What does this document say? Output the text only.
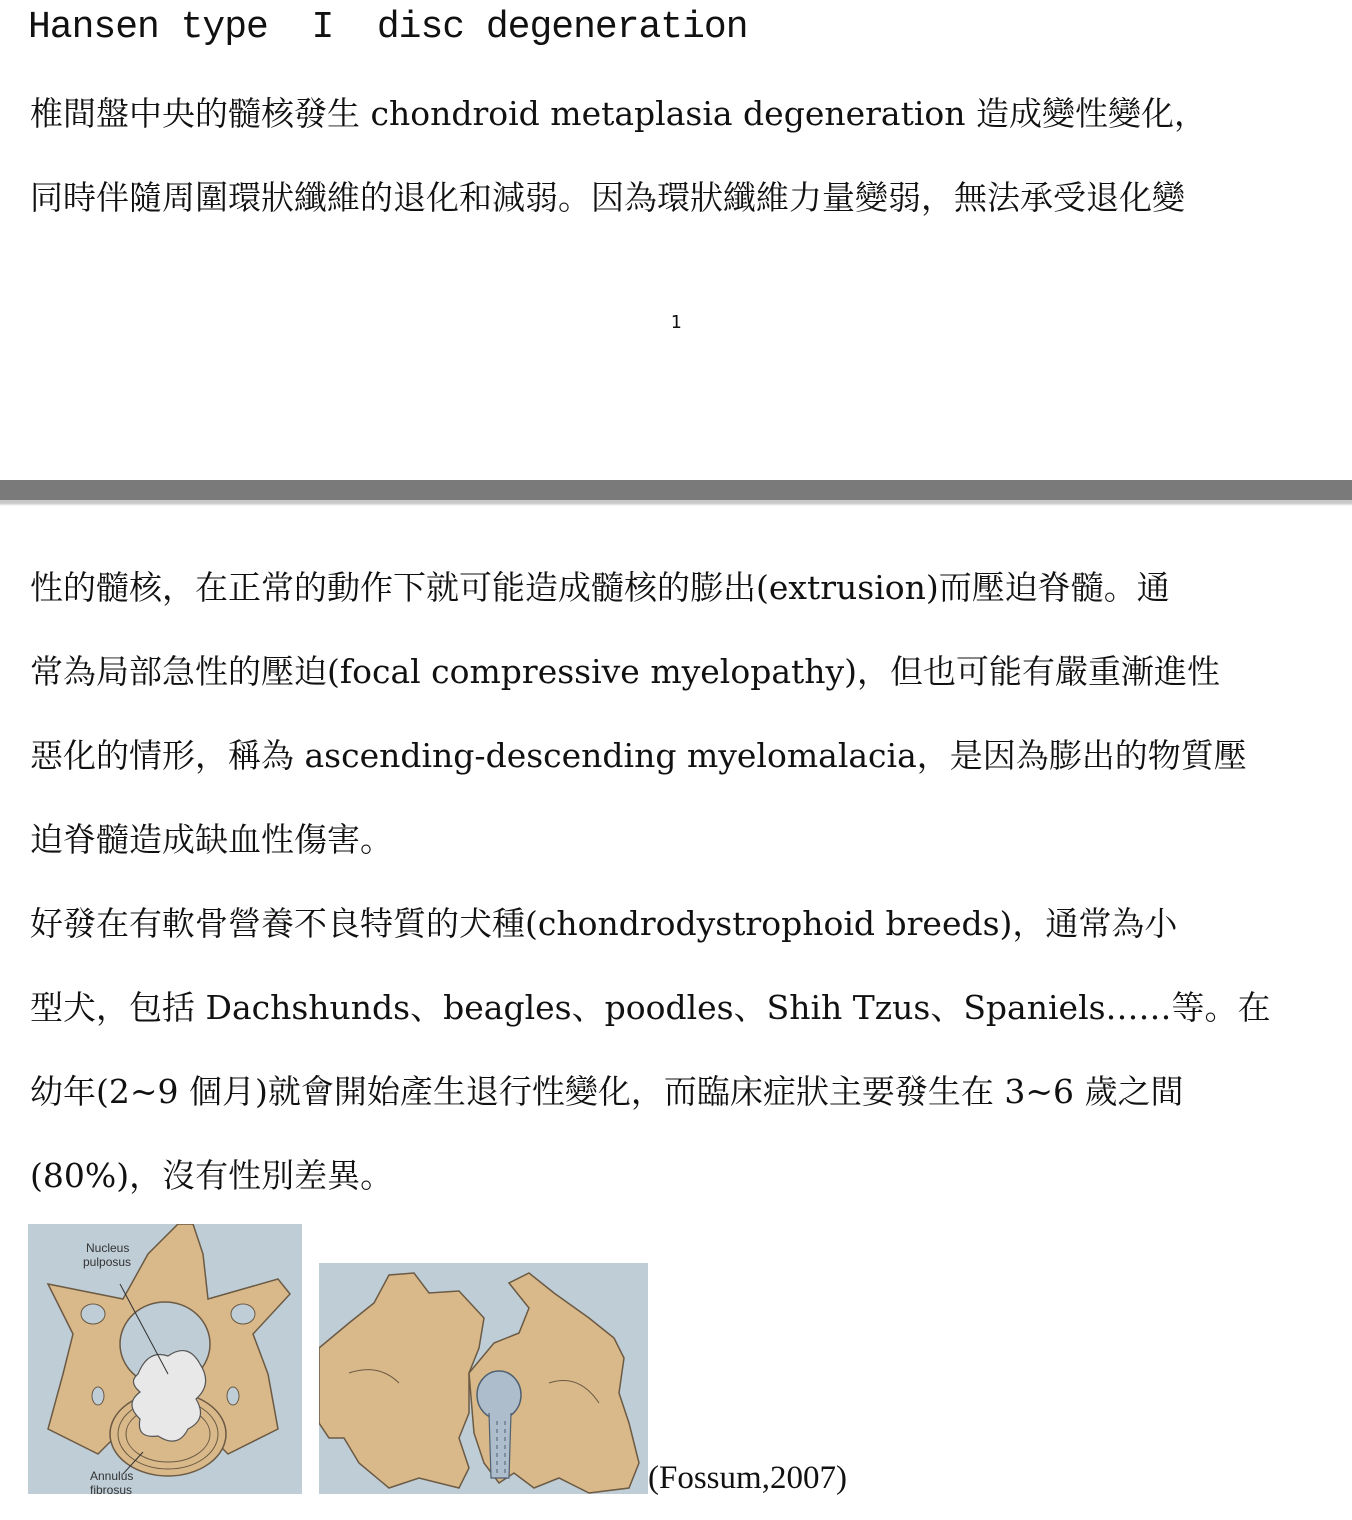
Hansen type  I  disc degeneration
椎間盤中央的髓核發生 chondroid metaplasia degeneration 造成變性變化，
同時伴隨周圍環狀纖維的退化和減弱。因為環狀纖維力量變弱，無法承受退化變
1
性的髓核，在正常的動作下就可能造成髓核的膨出(extrusion)而壓迫脊髓。通
常為局部急性的壓迫(focal compressive myelopathy)，但也可能有嚴重漸進性
惡化的情形，稱為 ascending-descending myelomalacia，是因為膨出的物質壓
迫脊髓造成缺血性傷害。
好發在有軟骨營養不良特質的犬種(chondrodystrophoid breeds)，通常為小
型犬，包括 Dachshunds、beagles、poodles、Shih Tzus、Spaniels……等。在
幼年(2~9 個月)就會開始產生退行性變化，而臨床症狀主要發生在 3~6 歲之間
(80%)，沒有性別差異。
Nucleus
pulposus
Annulus
fibrosus	(Fossum,2007)
